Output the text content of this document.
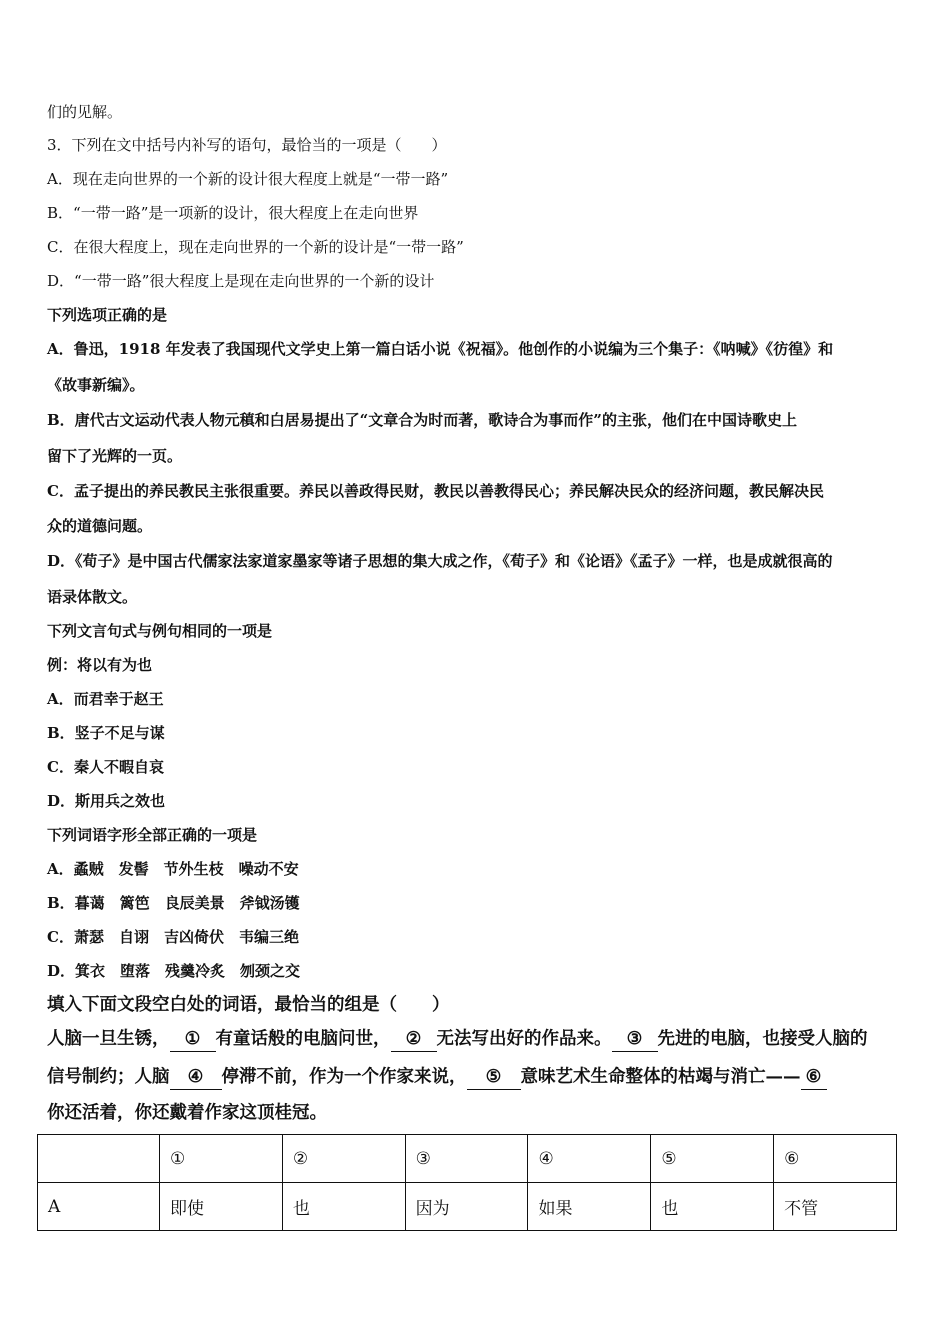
们的见解。
3．下列在文中括号内补写的语句，最恰当的一项是（　　）
A．现在走向世界的一个新的设计很大程度上就是“一带一路”
B．“一带一路”是一项新的设计，很大程度上在走向世界
C．在很大程度上，现在走向世界的一个新的设计是“一带一路”
D．“一带一路”很大程度上是现在走向世界的一个新的设计
下列选项正确的是
A．鲁迅，1918 年发表了我国现代文学史上第一篇白话小说《祝福》。他创作的小说编为三个集子：《呐喊》《彷徨》和
《故事新编》。
B．唐代古文运动代表人物元稹和白居易提出了“文章合为时而著，歌诗合为事而作”的主张，他们在中国诗歌史上
留下了光辉的一页。
C．孟子提出的养民教民主张很重要。养民以善政得民财，教民以善教得民心；养民解决民众的经济问题，教民解决民
众的道德问题。
D．《荀子》是中国古代儒家法家道家墨家等诸子思想的集大成之作，《荀子》和《论语》《孟子》一样，也是成就很高的
语录体散文。
下列文言句式与例句相同的一项是
例：将以有为也
A．而君幸于赵王
B．竖子不足与谋
C．秦人不暇自哀
D．斯用兵之效也
下列词语字形全部正确的一项是
A．蟊贼　发髻　节外生枝　噪动不安
B．暮蔼　篱笆　良辰美景　斧钺汤镬
C．萧瑟　自诩　吉凶倚伏　韦编三绝
D．箕衣　堕落　残羹冷炙　刎颈之交
填入下面文段空白处的词语，最恰当的组是（　　）
人脑一旦生锈， ① 有童话般的电脑问世， ② 无法写出好的作品来。 ③ 先进的电脑，也接受人脑的
信号制约；人脑 ④ 停滞不前，作为一个作家来说， ⑤ 意味艺术生命整体的枯竭与消亡—— ⑥
你还活着，你还戴着作家这顶桂冠。
	①	②	③	④	⑤	⑥
A	即使	也	因为	如果	也	不管
